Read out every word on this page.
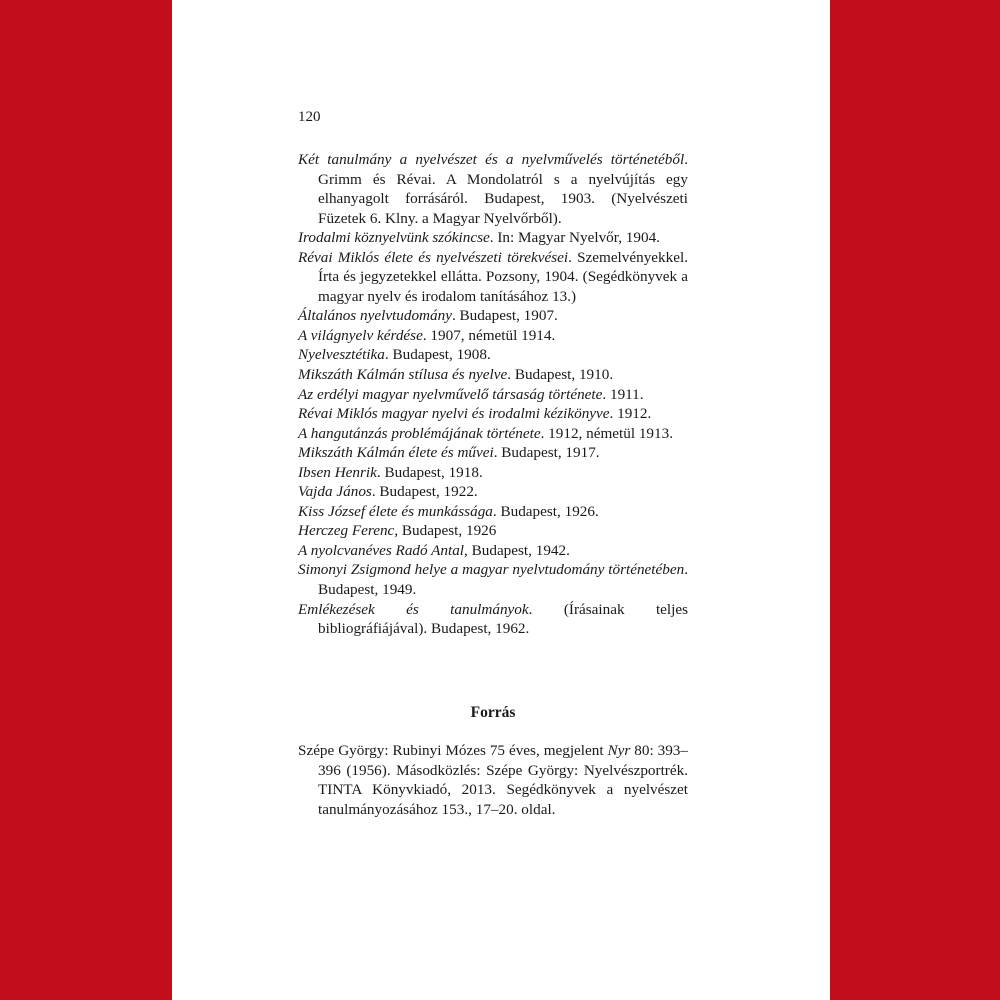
120
Két tanulmány a nyelvészet és a nyelvművelés történetéből. Grimm és Révai. A Mondolatról s a nyelvújítás egy elhanyagolt forrásáról. Budapest, 1903. (Nyelvészeti Füzetek 6. Klny. a Magyar Nyelvőrből).
Irodalmi köznyelvünk szókincse. In: Magyar Nyelvőr, 1904.
Révai Miklós élete és nyelvészeti törekvései. Szemelvényekkel. Írta és jegyzetekkel ellátta. Pozsony, 1904. (Segédkönyvek a magyar nyelv és irodalom tanításához 13.)
Általános nyelvtudomány. Budapest, 1907.
A világnyelv kérdése. 1907, németül 1914.
Nyelvesztétika. Budapest, 1908.
Mikszáth Kálmán stílusa és nyelve. Budapest, 1910.
Az erdélyi magyar nyelvművelő társaság története. 1911.
Révai Miklós magyar nyelvi és irodalmi kézikönyve. 1912.
A hangutánzás problémájának története. 1912, németül 1913.
Mikszáth Kálmán élete és művei. Budapest, 1917.
Ibsen Henrik. Budapest, 1918.
Vajda János. Budapest, 1922.
Kiss József élete és munkássága. Budapest, 1926.
Herczeg Ferenc, Budapest, 1926
A nyolcvanéves Radó Antal, Budapest, 1942.
Simonyi Zsigmond helye a magyar nyelvtudomány történetében. Budapest, 1949.
Emlékezések és tanulmányok. (Írásainak teljes bibliográfiájával). Budapest, 1962.
Forrás
Szépe György: Rubinyi Mózes 75 éves, megjelent Nyr 80: 393–396 (1956). Másodközlés: Szépe György: Nyelvészportrék. TINTA Könyvkiadó, 2013. Segédkönyvek a nyelvészet tanulmányozásához 153., 17–20. oldal.
